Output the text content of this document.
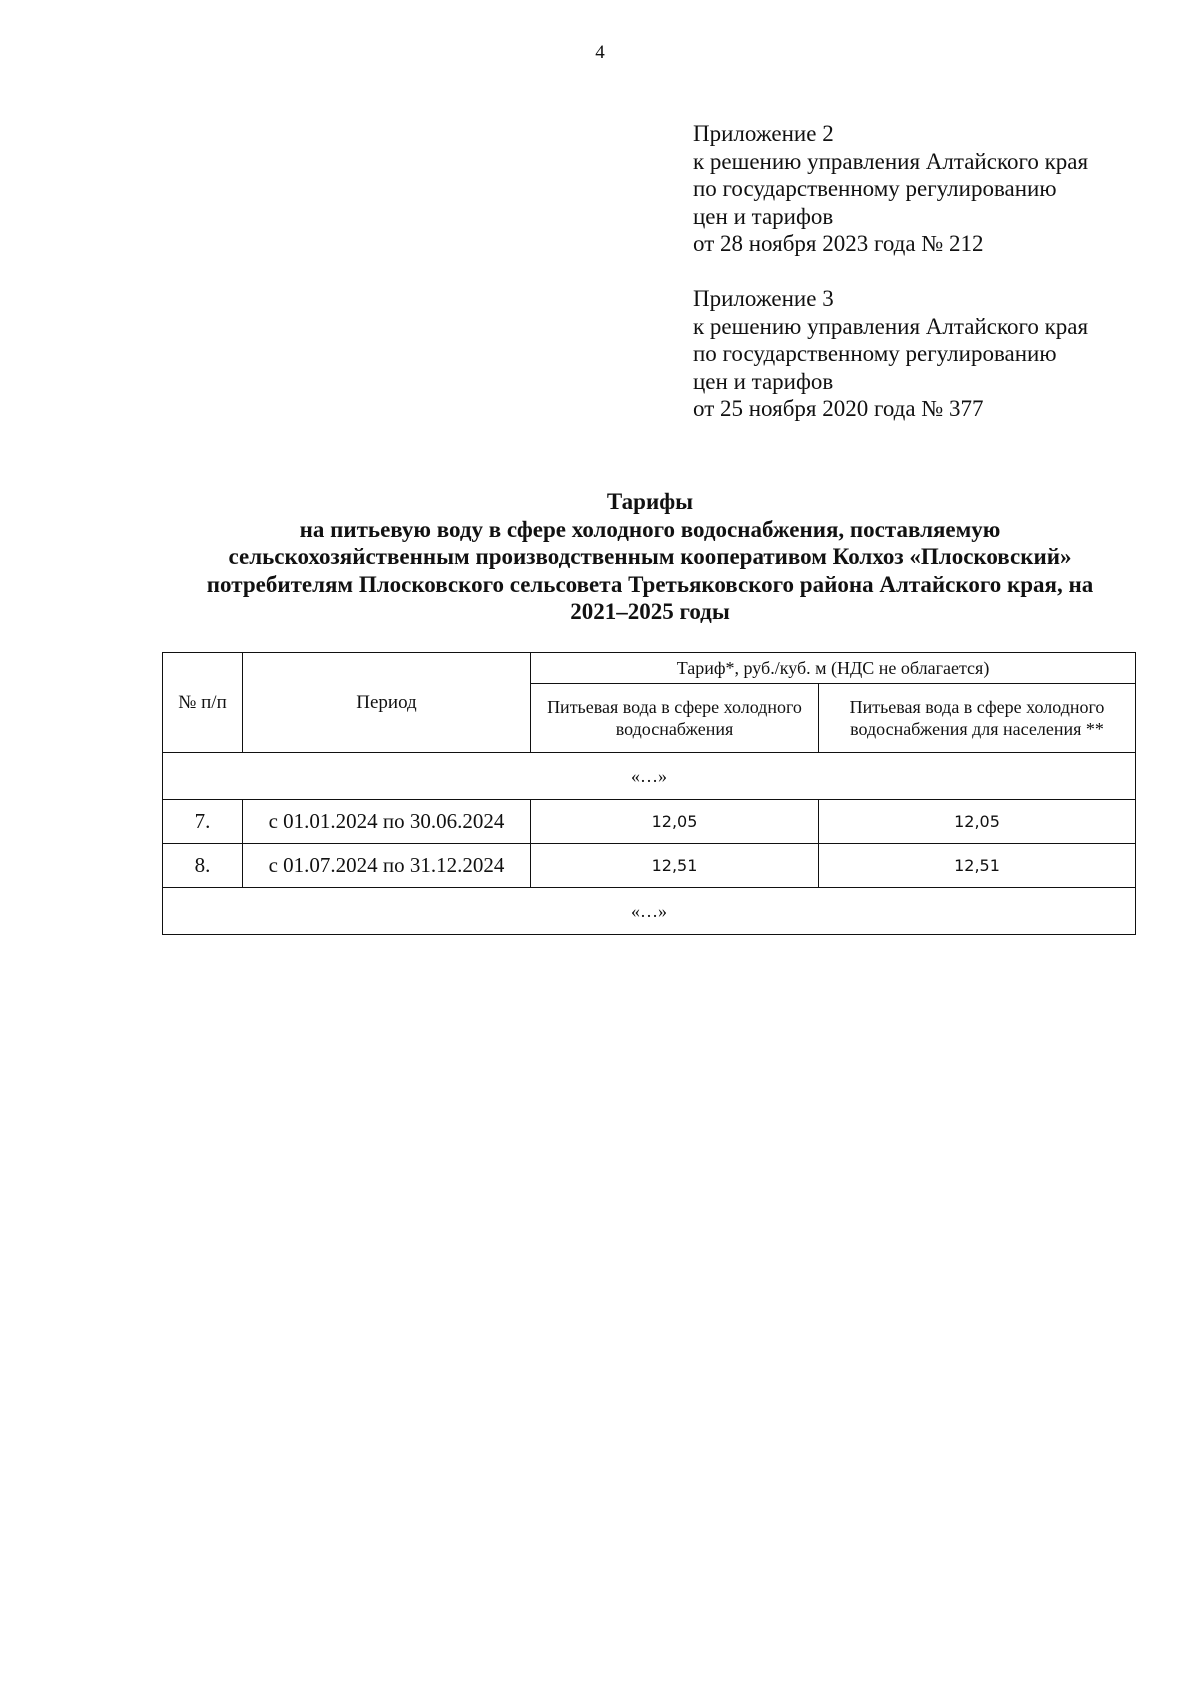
4
Приложение 2
к решению управления Алтайского края
по государственному регулированию
цен и тарифов
от 28 ноября 2023 года № 212
Приложение 3
к решению управления Алтайского края
по государственному регулированию
цен и тарифов
от 25 ноября 2020 года № 377
Тарифы
на питьевую воду в сфере холодного водоснабжения, поставляемую
сельскохозяйственным производственным кооперативом Колхоз «Плосковский»
потребителям Плосковского сельсовета Третьяковского района Алтайского края, на
2021–2025 годы
№ п/п	Период	Тариф*, руб./куб. м (НДС не облагается)	
		Питьевая вода в сфере холодного водоснабжения	Питьевая вода в сфере холодного водоснабжения для населения **
«…»			
7.	с 01.01.2024 по 30.06.2024	12,05	12,05
8.	с 01.07.2024 по 31.12.2024	12,51	12,51
«…»			
